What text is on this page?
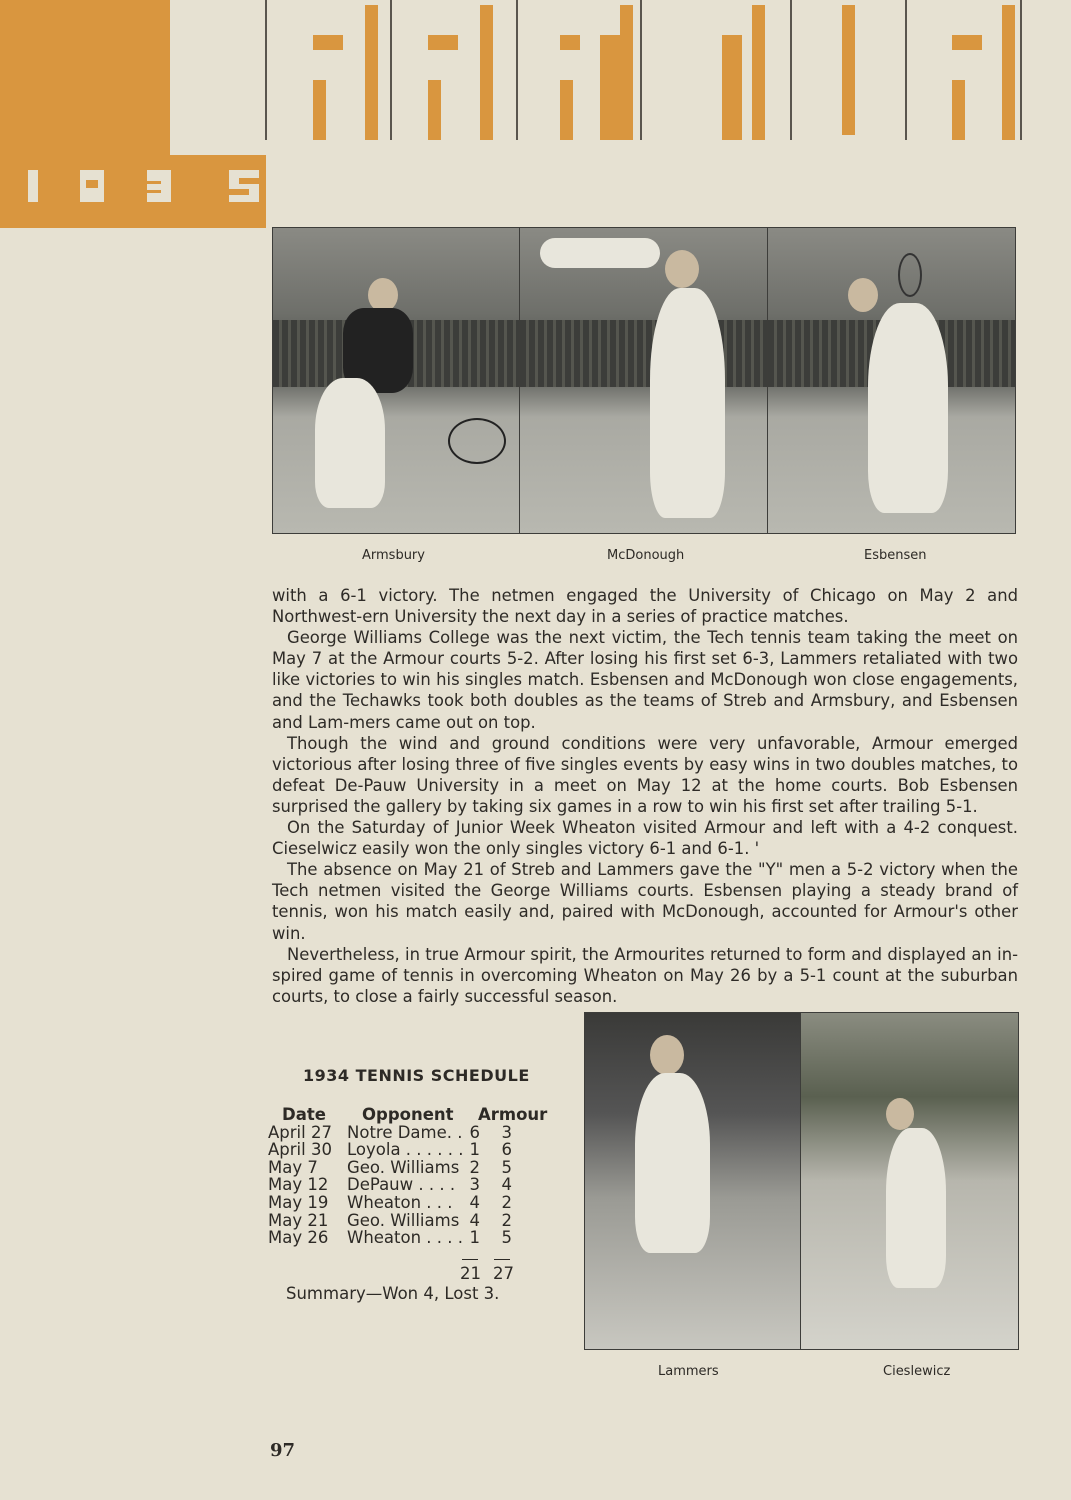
Armsbury	McDonough	Esbensen

with a 6-1 victory. The netmen engaged the University of Chicago on May 2 and Northwest-ern University the next day in a series of practice matches.

George Williams College was the next victim, the Tech tennis team taking the meet on May 7 at the Armour courts 5-2. After losing his first set 6-3, Lammers retaliated with two like victories to win his singles match. Esbensen and McDonough won close engagements, and the Techawks took both doubles as the teams of Streb and Armsbury, and Esbensen and Lam-mers came out on top.

Though the wind and ground conditions were very unfavorable, Armour emerged victorious after losing three of five singles events by easy wins in two doubles matches, to defeat De-Pauw University in a meet on May 12 at the home courts. Bob Esbensen surprised the gallery by taking six games in a row to win his first set after trailing 5-1.

On the Saturday of Junior Week Wheaton visited Armour and left with a 4-2 conquest. Cieselwicz easily won the only singles victory 6-1 and 6-1. '

The absence on May 21 of Streb and Lammers gave the "Y" men a 5-2 victory when the Tech netmen visited the George Williams courts. Esbensen playing a steady brand of tennis, won his match easily and, paired with McDonough, accounted for Armour's other win.

Nevertheless, in true Armour spirit, the Armourites returned to form and displayed an in-spired game of tennis in overcoming Wheaton on May 26 by a 5-1 count at the suburban courts, to close a fairly successful season.

1934 TENNIS SCHEDULE
Date Opponent Armour
April 27 Notre Dame. . 6 3
April 30 Loyola . . . . . . 1 6
May 7 Geo. Williams 2 5
May 12 DePauw . . . . 3 4
May 19 Wheaton . . . 4 2
May 21 Geo. Williams 4 2
May 26 Wheaton . . . . 1 5
21 27
Summary—Won 4, Lost 3.
Lammers	Cieslewicz
97
